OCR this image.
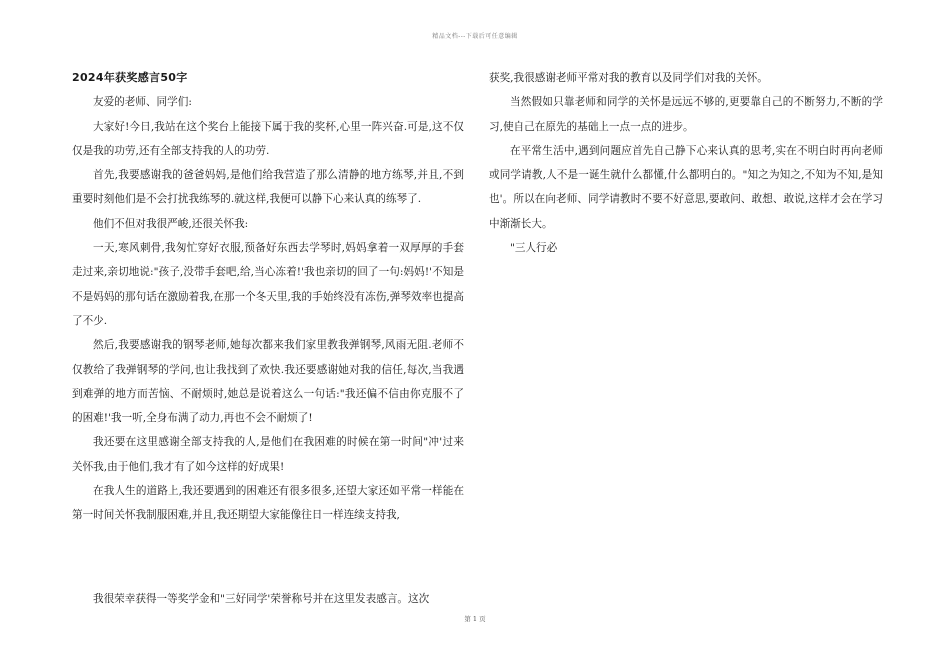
精品文档---下载后可任意编辑

2024年获奖感言50字

友爱的老师、同学们:

大家好!今日,我站在这个奖台上能接下属于我的奖杯,心里一阵兴奋.可是,这不仅仅是我的功劳,还有全部支持我的人的功劳.

首先,我要感谢我的爸爸妈妈,是他们给我营造了那么清静的地方练琴,并且,不到重要时刻他们是不会打扰我练琴的.就这样,我便可以静下心来认真的练琴了.

他们不但对我很严峻,还很关怀我:

一天,寒风刺骨,我匆忙穿好衣服,预备好东西去学琴时,妈妈拿着一双厚厚的手套走过来,亲切地说:"孩子,没带手套吧,给,当心冻着!'我也亲切的回了一句:妈妈!'不知是不是妈妈的那句话在激励着我,在那一个冬天里,我的手始终没有冻伤,弹琴效率也提高了不少.

然后,我要感谢我的钢琴老师,她每次都来我们家里教我弹钢琴,风雨无阻.老师不仅教给了我弹钢琴的学问,也让我找到了欢快.我还要感谢她对我的信任,每次,当我遇到难弹的地方而苦恼、不耐烦时,她总是说着这么一句话:"我还偏不信由你克服不了的困难!'我一听,全身布满了动力,再也不会不耐烦了!

我还要在这里感谢全部支持我的人,是他们在我困难的时候在第一时间"冲'过来关怀我,由于他们,我才有了如今这样的好成果!

在我人生的道路上,我还要遇到的困难还有很多很多,还望大家还如平常一样能在第一时间关怀我制服困难,并且,我还期望大家能像往日一样连续支持我,

我很荣幸获得一等奖学金和"三好同学'荣誉称号并在这里发表感言。这次

获奖,我很感谢老师平常对我的教育以及同学们对我的关怀。

当然假如只靠老师和同学的关怀是远远不够的,更要靠自己的不断努力,不断的学习,使自己在原先的基础上一点一点的进步。

在平常生活中,遇到问题应首先自己静下心来认真的思考,实在不明白时再向老师或同学请教,人不是一诞生就什么都懂,什么都明白的。"知之为知之,不知为不知,是知也'。所以在向老师、同学请教时不要不好意思,要敢问、敢想、敢说,这样才会在学习中渐渐长大。

"三人行必

第 1 页
